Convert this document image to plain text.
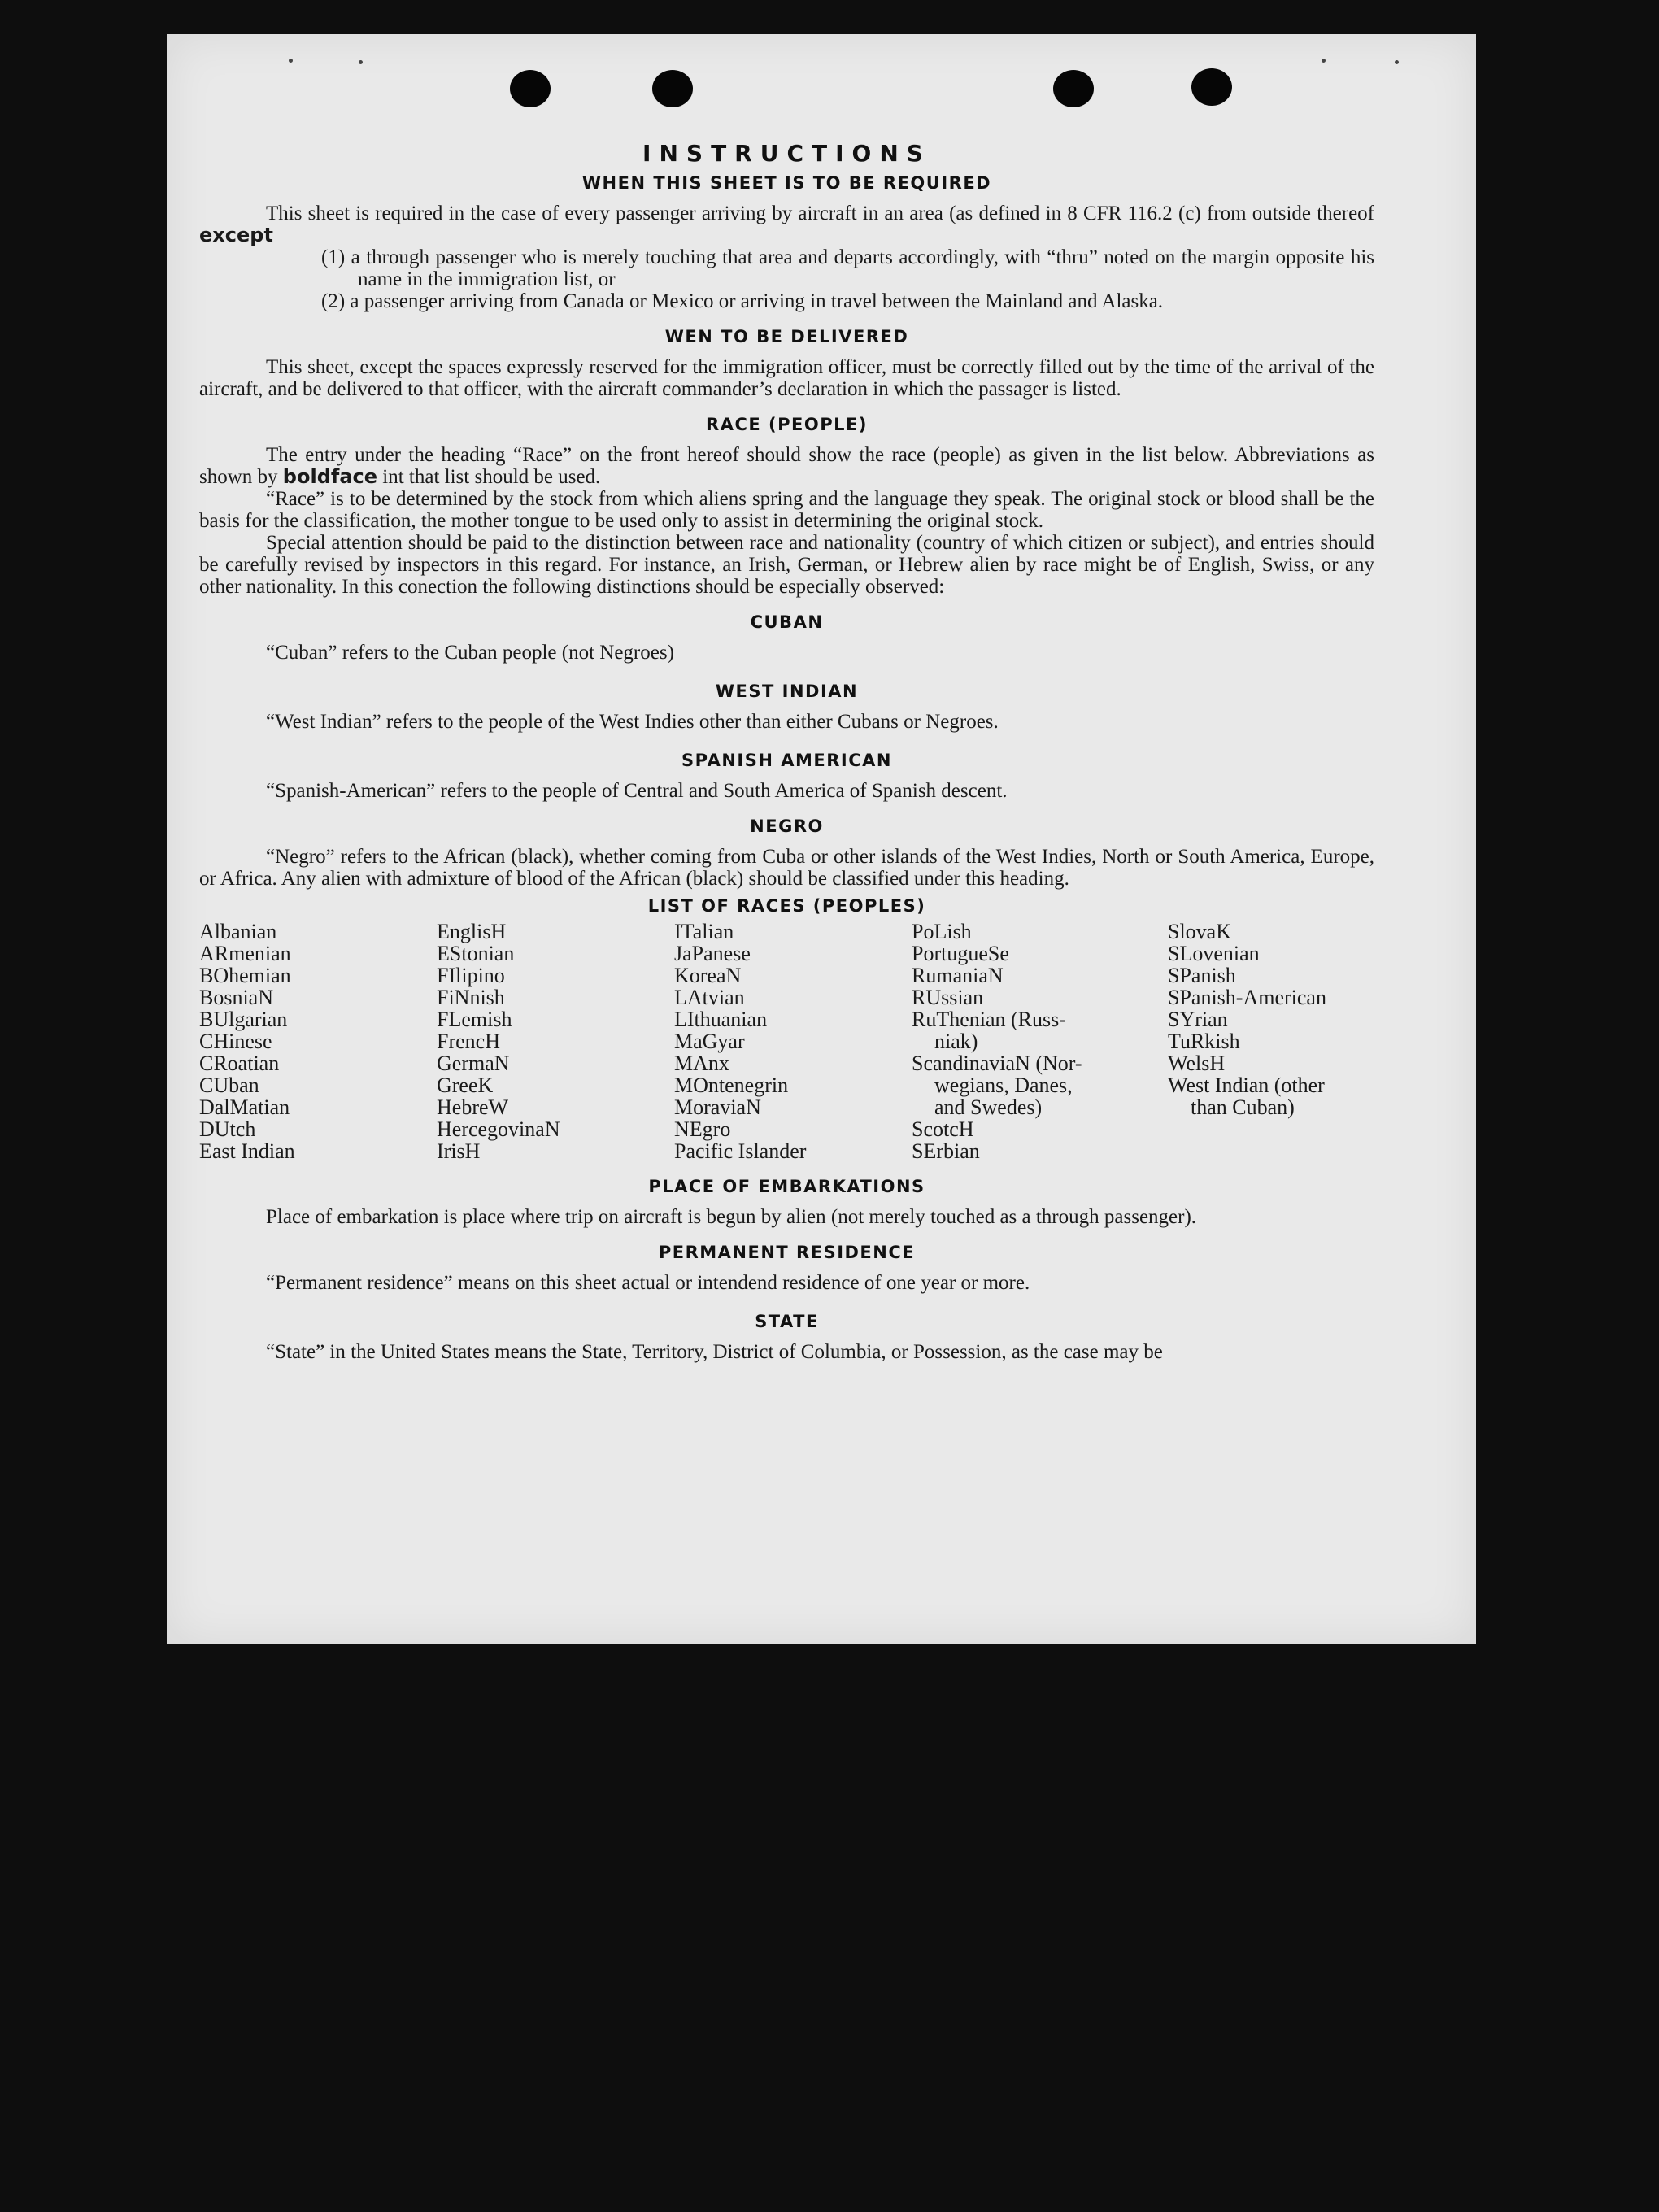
INSTRUCTIONS
WHEN THIS SHEET IS TO BE REQUIRED

This sheet is required in the case of every passenger arriving by aircraft in an area (as defined in 8 CFR 116.2 (c) from outside thereof except

(1) a through passenger who is merely touching that area and departs accordingly, with “thru” noted on the margin opposite his name in the immigration list, or

(2) a passenger arriving from Canada or Mexico or arriving in travel between the Mainland and Alaska.

WEN TO BE DELIVERED

This sheet, except the spaces expressly reserved for the immigration officer, must be correctly filled out by the time of the arrival of the aircraft, and be delivered to that officer, with the aircraft commander’s declaration in which the passager is listed.

RACE (PEOPLE)

The entry under the heading “Race” on the front hereof should show the race (people) as given in the list below. Abbreviations as shown by boldface int that list should be used.

“Race” is to be determined by the stock from which aliens spring and the language they speak. The original stock or blood shall be the basis for the classification, the mother tongue to be used only to assist in determining the original stock.

Special attention should be paid to the distinction between race and nationality (country of which citizen or subject), and entries should be carefully revised by inspectors in this regard. For instance, an Irish, German, or Hebrew alien by race might be of English, Swiss, or any other nationality. In this conection the following distinctions should be especially observed:

CUBAN

“Cuban” refers to the Cuban people (not Negroes)

WEST INDIAN

“West Indian” refers to the people of the West Indies other than either Cubans or Negroes.

SPANISH AMERICAN

“Spanish-American” refers to the people of Central and South America of Spanish descent.

NEGRO

“Negro” refers to the African (black), whether coming from Cuba or other islands of the West Indies, North or South America, Europe, or Africa. Any alien with admixture of blood of the African (black) should be classified under this heading.

LIST OF RACES (PEOPLES)
Albanian
ARmenian
BOhemian
BosniaN
BUlgarian
CHinese
CRoatian
CUban
DalMatian
DUtch
East Indian
EnglisH
EStonian
FIlipino
FiNnish
FLemish
FrencH
GermaN
GreeK
HebreW
HercegovinaN
IrisH
ITalian
JaPanese
KoreaN
LAtvian
LIthuanian
MaGyar
MAnx
MOntenegrin
MoraviaN
NEgro
Pacific Islander
PoLish
PortugueSe
RumaniaN
RUssian
RuThenian (Russ-
niak)
ScandinaviaN (Nor-
wegians, Danes,
and Swedes)
ScotcH
SErbian
SlovaK
SLovenian
SPanish
SPanish-American
SYrian
TuRkish
WelsH
West Indian (other
than Cuban)
PLACE OF EMBARKATIONS

Place of embarkation is place where trip on aircraft is begun by alien (not merely touched as a through passenger).

PERMANENT RESIDENCE

“Permanent residence” means on this sheet actual or intendend residence of one year or more.

STATE

“State” in the United States means the State, Territory, District of Columbia, or Possession, as the case may be
